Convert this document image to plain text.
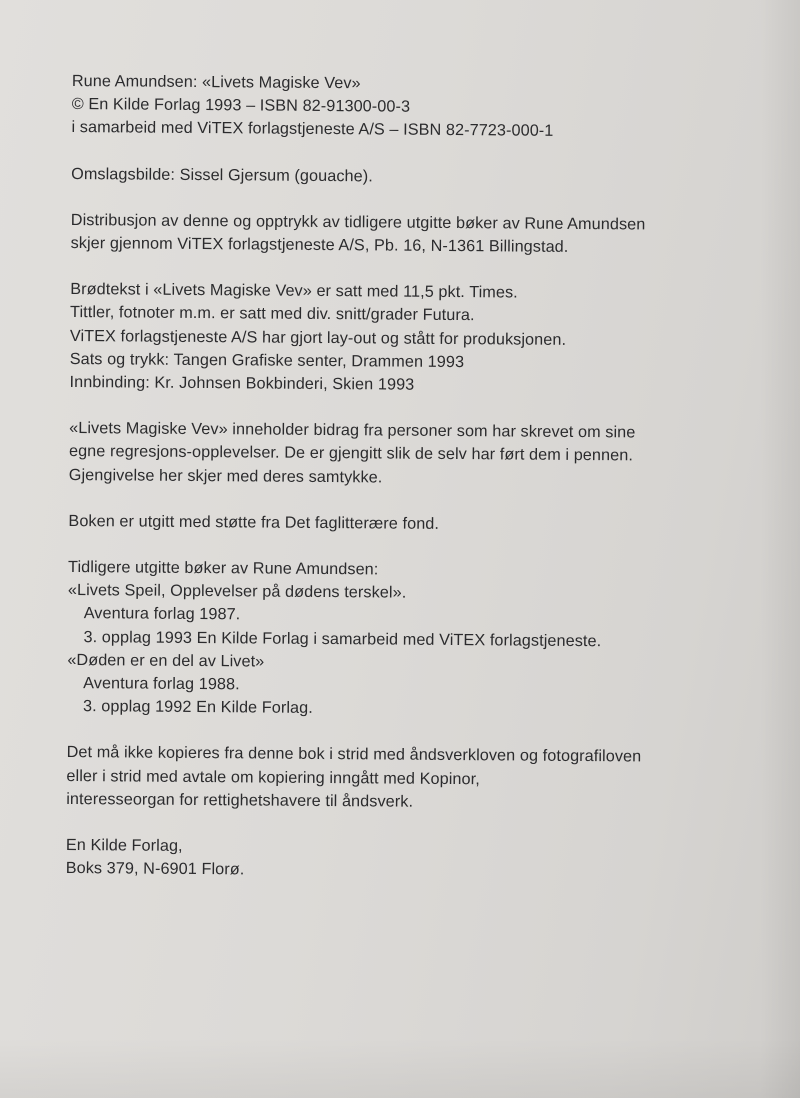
Rune Amundsen: «Livets Magiske Vev»
© En Kilde Forlag 1993 – ISBN 82-91300-00-3
i samarbeid med ViTEX forlagstjeneste A/S – ISBN 82-7723-000-1
Omslagsbilde: Sissel Gjersum (gouache).
Distribusjon av denne og opptrykk av tidligere utgitte bøker av Rune Amundsen
skjer gjennom ViTEX forlagstjeneste A/S, Pb. 16, N-1361 Billingstad.
Brødtekst i «Livets Magiske Vev» er satt med 11,5 pkt. Times.
Tittler, fotnoter m.m. er satt med div. snitt/grader Futura.
ViTEX forlagstjeneste A/S har gjort lay-out og stått for produksjonen.
Sats og trykk: Tangen Grafiske senter, Drammen 1993
Innbinding: Kr. Johnsen Bokbinderi, Skien 1993
«Livets Magiske Vev» inneholder bidrag fra personer som har skrevet om sine
egne regresjons-opplevelser. De er gjengitt slik de selv har ført dem i pennen.
Gjengivelse her skjer med deres samtykke.
Boken er utgitt med støtte fra Det faglitterære fond.
Tidligere utgitte bøker av Rune Amundsen:
«Livets Speil, Opplevelser på dødens terskel».
Aventura forlag 1987.
3. opplag 1993 En Kilde Forlag i samarbeid med ViTEX forlagstjeneste.
«Døden er en del av Livet»
Aventura forlag 1988.
3. opplag 1992 En Kilde Forlag.
Det må ikke kopieres fra denne bok i strid med åndsverkloven og fotografiloven
eller i strid med avtale om kopiering inngått med Kopinor,
interesseorgan for rettighetshavere til åndsverk.
En Kilde Forlag,
Boks 379, N-6901 Florø.
